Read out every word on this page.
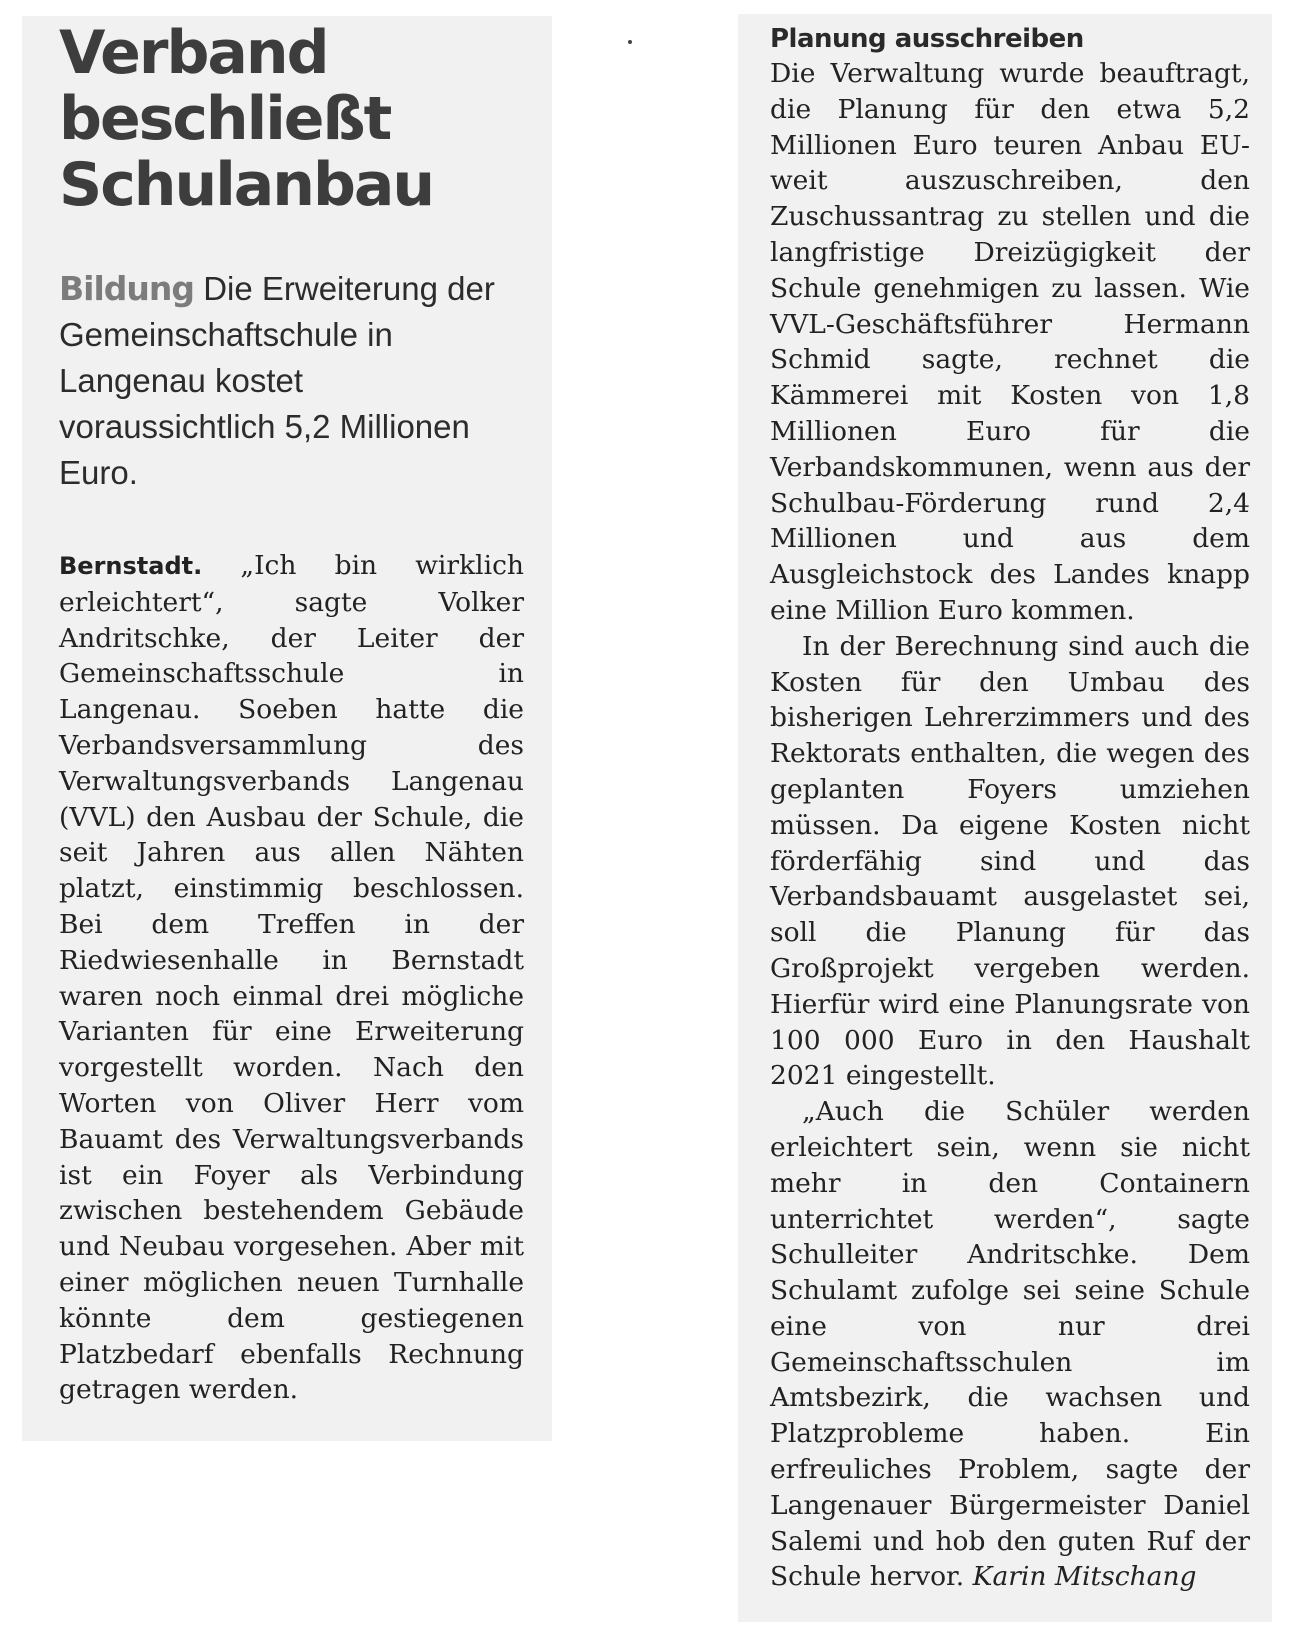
Verband
beschließt
Schulanbau

Bildung Die Erweiterung der Gemeinschaftschule in Langenau kostet voraussichtlich 5,2 Millionen Euro.

Bernstadt. „Ich bin wirklich erleichtert“, sagte Volker Andritschke, der Leiter der Gemeinschaftsschule in Langenau. Soeben hatte die Verbandsversammlung des Verwaltungsverbands Langenau (VVL) den Ausbau der Schule, die seit Jahren aus allen Nähten platzt, einstimmig beschlossen. Bei dem Treffen in der Riedwiesenhalle in Bernstadt waren noch einmal drei mögliche Varianten für eine Erweiterung vorgestellt worden. Nach den Worten von Oliver Herr vom Bauamt des Verwaltungsverbands ist ein Foyer als Verbindung zwischen bestehendem Gebäude und Neubau vorgesehen. Aber mit einer möglichen neuen Turnhalle könnte dem gestiegenen Platzbedarf ebenfalls Rechnung getragen werden.

Planung ausschreiben

Die Verwaltung wurde beauftragt, die Planung für den etwa 5,2 Millionen Euro teuren Anbau EU-weit auszuschreiben, den Zuschussantrag zu stellen und die langfristige Dreizügigkeit der Schule genehmigen zu lassen. Wie VVL-Geschäftsführer Hermann Schmid sagte, rechnet die Kämmerei mit Kosten von 1,8 Millionen Euro für die Verbandskommunen, wenn aus der Schulbau-Förderung rund 2,4 Millionen und aus dem Ausgleichstock des Landes knapp eine Million Euro kommen.

In der Berechnung sind auch die Kosten für den Umbau des bisherigen Lehrerzimmers und des Rektorats enthalten, die wegen des geplanten Foyers umziehen müssen. Da eigene Kosten nicht förderfähig sind und das Verbandsbauamt ausgelastet sei, soll die Planung für das Großprojekt vergeben werden. Hierfür wird eine Planungsrate von 100 000 Euro in den Haushalt 2021 eingestellt.

„Auch die Schüler werden erleichtert sein, wenn sie nicht mehr in den Containern unterrichtet werden“, sagte Schulleiter Andritschke. Dem Schulamt zufolge sei seine Schule eine von nur drei Gemeinschaftsschulen im Amtsbezirk, die wachsen und Platzprobleme haben. Ein erfreuliches Problem, sagte der Langenauer Bürgermeister Daniel Salemi und hob den guten Ruf der Schule hervor. Karin Mitschang
